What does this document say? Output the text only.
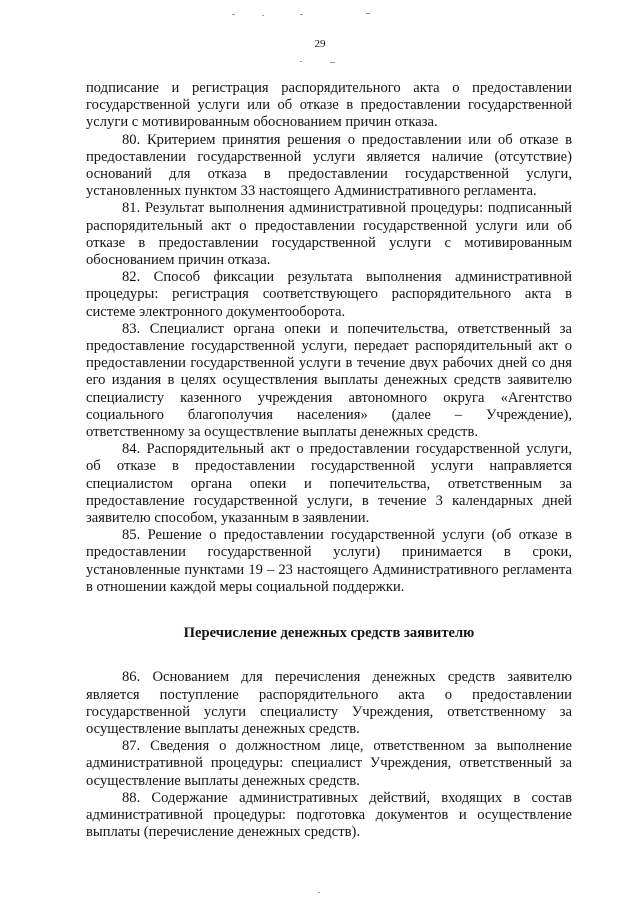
29

подписание и регистрация распорядительного акта о предоставлении государственной услуги или об отказе в предоставлении государственной услуги с мотивированным обоснованием причин отказа.

80. Критерием принятия решения о предоставлении или об отказе в предоставлении государственной услуги является наличие (отсутствие) оснований для отказа в предоставлении государственной услуги, установленных пунктом 33 настоящего Административного регламента.

81. Результат выполнения административной процедуры: подписанный распорядительный акт о предоставлении государственной услуги или об отказе в предоставлении государственной услуги с мотивированным обоснованием причин отказа.

82. Способ фиксации результата выполнения административной процедуры: регистрация соответствующего распорядительного акта в системе электронного документооборота.

83. Специалист органа опеки и попечительства, ответственный за предоставление государственной услуги, передает распорядительный акт о предоставлении государственной услуги в течение двух рабочих дней со дня его издания в целях осуществления выплаты денежных средств заявителю специалисту казенного учреждения автономного округа «Агентство социального благополучия населения» (далее – Учреждение), ответственному за осуществление выплаты денежных средств.

84. Распорядительный акт о предоставлении государственной услуги, об отказе в предоставлении государственной услуги направляется специалистом органа опеки и попечительства, ответственным за предоставление государственной услуги, в течение 3 календарных дней заявителю способом, указанным в заявлении.

85. Решение о предоставлении государственной услуги (об отказе в предоставлении государственной услуги) принимается в сроки, установленные пунктами 19 – 23 настоящего Административного регламента в отношении каждой меры социальной поддержки.

Перечисление денежных средств заявителю

86. Основанием для перечисления денежных средств заявителю является поступление распорядительного акта о предоставлении государственной услуги специалисту Учреждения, ответственному за осуществление выплаты денежных средств.

87. Сведения о должностном лице, ответственном за выполнение административной процедуры: специалист Учреждения, ответственный за осуществление выплаты денежных средств.

88. Содержание административных действий, входящих в состав административной процедуры: подготовка документов и осуществление выплаты (перечисление денежных средств).
